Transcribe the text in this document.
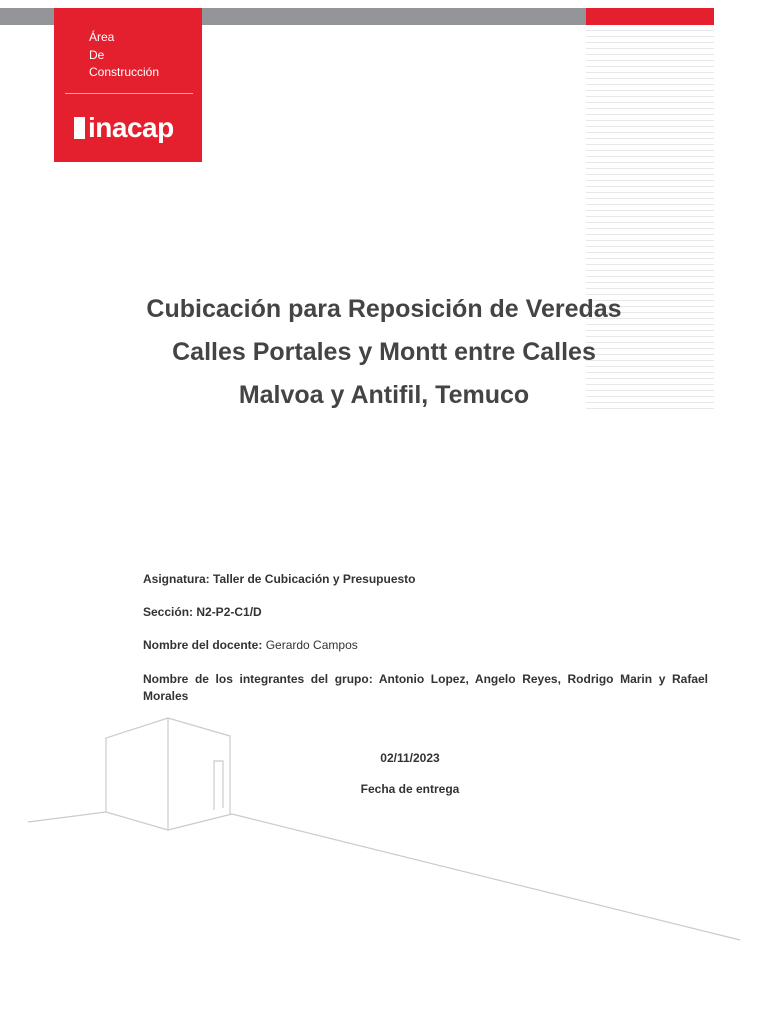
Área
De
Construcción
inacap
Cubicación para Reposición de Veredas
Calles Portales y Montt entre Calles
Malvoa y Antifil, Temuco
Asignatura: Taller de Cubicación y Presupuesto
Sección: N2-P2-C1/D
Nombre del docente: Gerardo Campos
Nombre de los integrantes del grupo: Antonio Lopez, Angelo Reyes, Rodrigo Marin y Rafael Morales
02/11/2023
Fecha de entrega
